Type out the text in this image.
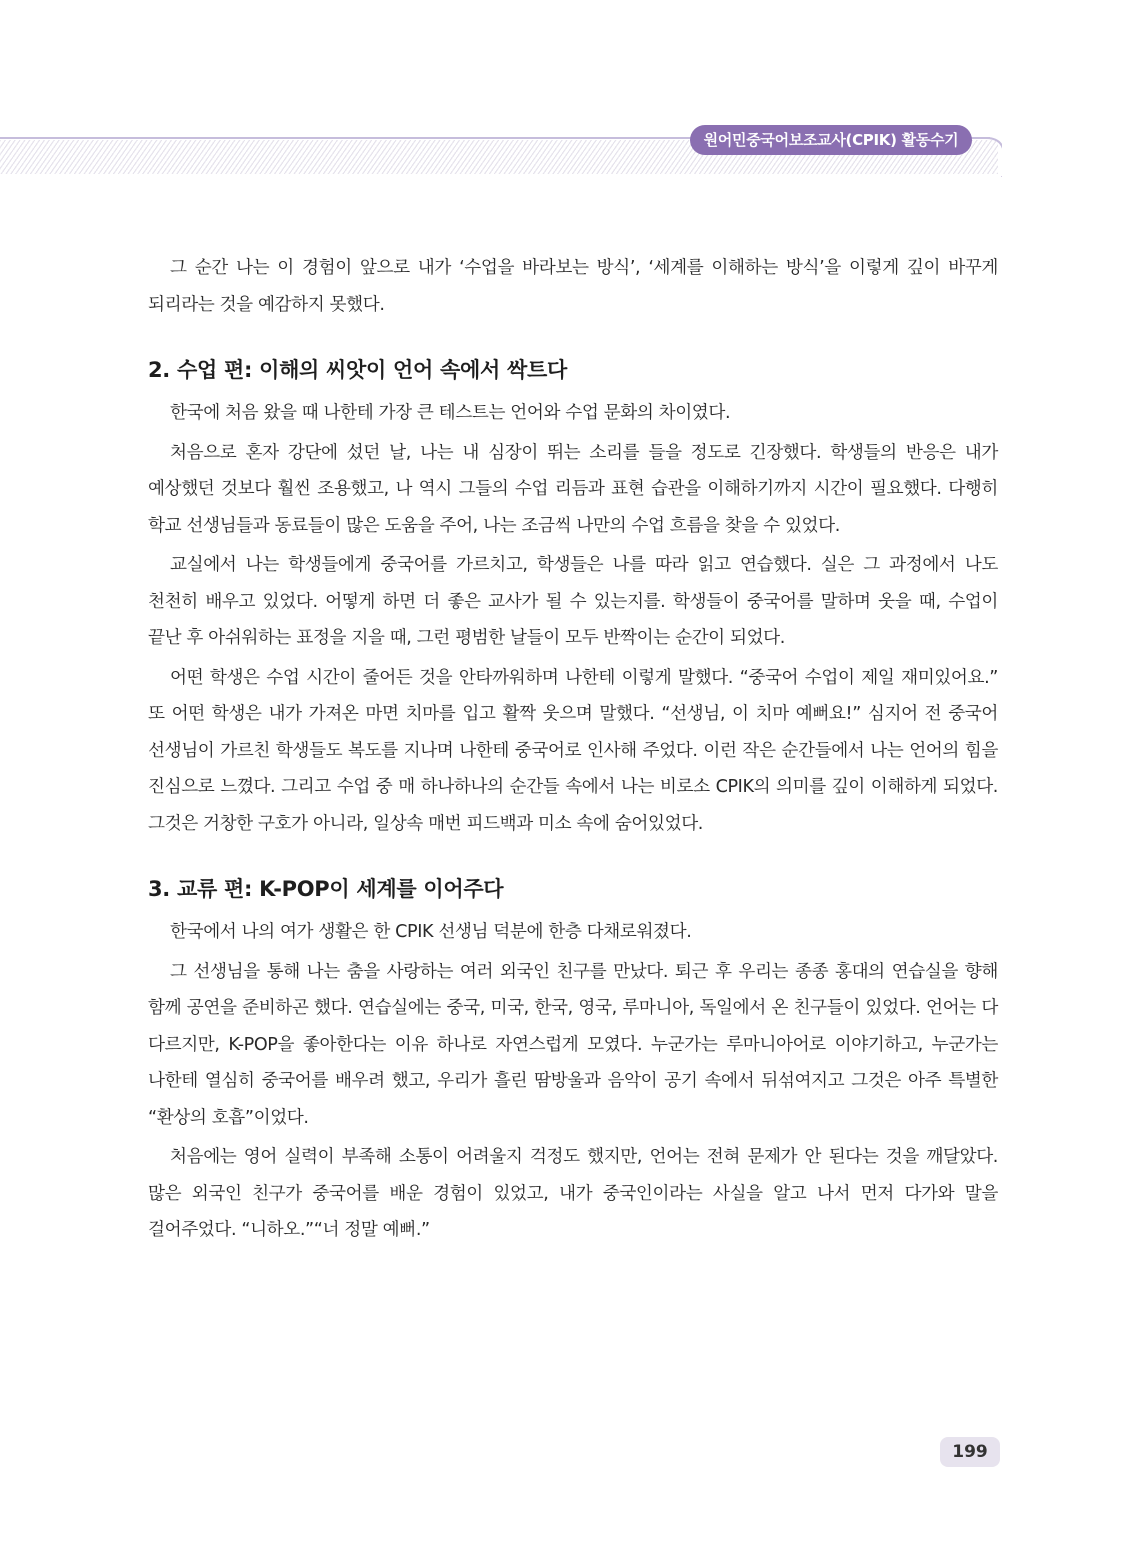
원어민중국어보조교사(CPIK) 활동수기

그 순간 나는 이 경험이 앞으로 내가 ‘수업을 바라보는 방식’, ‘세계를 이해하는 방식’을 이렇게 깊이 바꾸게 되리라는 것을 예감하지 못했다.

2. 수업 편: 이해의 씨앗이 언어 속에서 싹트다

한국에 처음 왔을 때 나한테 가장 큰 테스트는 언어와 수업 문화의 차이였다.

처음으로 혼자 강단에 섰던 날, 나는 내 심장이 뛰는 소리를 들을 정도로 긴장했다. 학생들의 반응은 내가 예상했던 것보다 훨씬 조용했고, 나 역시 그들의 수업 리듬과 표현 습관을 이해하기까지 시간이 필요했다. 다행히 학교 선생님들과 동료들이 많은 도움을 주어, 나는 조금씩 나만의 수업 흐름을 찾을 수 있었다.

교실에서 나는 학생들에게 중국어를 가르치고, 학생들은 나를 따라 읽고 연습했다. 실은 그 과정에서 나도 천천히 배우고 있었다. 어떻게 하면 더 좋은 교사가 될 수 있는지를. 학생들이 중국어를 말하며 웃을 때, 수업이 끝난 후 아쉬워하는 표정을 지을 때, 그런 평범한 날들이 모두 반짝이는 순간이 되었다.

어떤 학생은 수업 시간이 줄어든 것을 안타까워하며 나한테 이렇게 말했다. “중국어 수업이 제일 재미있어요.” 또 어떤 학생은 내가 가져온 마면 치마를 입고 활짝 웃으며 말했다. “선생님, 이 치마 예뻐요!” 심지어 전 중국어 선생님이 가르친 학생들도 복도를 지나며 나한테 중국어로 인사해 주었다. 이런 작은 순간들에서 나는 언어의 힘을 진심으로 느꼈다. 그리고 수업 중 매 하나하나의 순간들 속에서 나는 비로소 CPIK의 의미를 깊이 이해하게 되었다. 그것은 거창한 구호가 아니라, 일상속 매번 피드백과 미소 속에 숨어있었다.

3. 교류 편: K-POP이 세계를 이어주다

한국에서 나의 여가 생활은 한 CPIK 선생님 덕분에 한층 다채로워졌다.

그 선생님을 통해 나는 춤을 사랑하는 여러 외국인 친구를 만났다. 퇴근 후 우리는 종종 홍대의 연습실을 향해 함께 공연을 준비하곤 했다. 연습실에는 중국, 미국, 한국, 영국, 루마니아, 독일에서 온 친구들이 있었다. 언어는 다 다르지만, K-POP을 좋아한다는 이유 하나로 자연스럽게 모였다. 누군가는 루마니아어로 이야기하고, 누군가는 나한테 열심히 중국어를 배우려 했고, 우리가 흘린 땀방울과 음악이 공기 속에서 뒤섞여지고 그것은 아주 특별한 “환상의 호흡”이었다.

처음에는 영어 실력이 부족해 소통이 어려울지 걱정도 했지만, 언어는 전혀 문제가 안 된다는 것을 깨달았다. 많은 외국인 친구가 중국어를 배운 경험이 있었고, 내가 중국인이라는 사실을 알고 나서 먼저 다가와 말을 걸어주었다. “니하오.”“너 정말 예뻐.”

199
